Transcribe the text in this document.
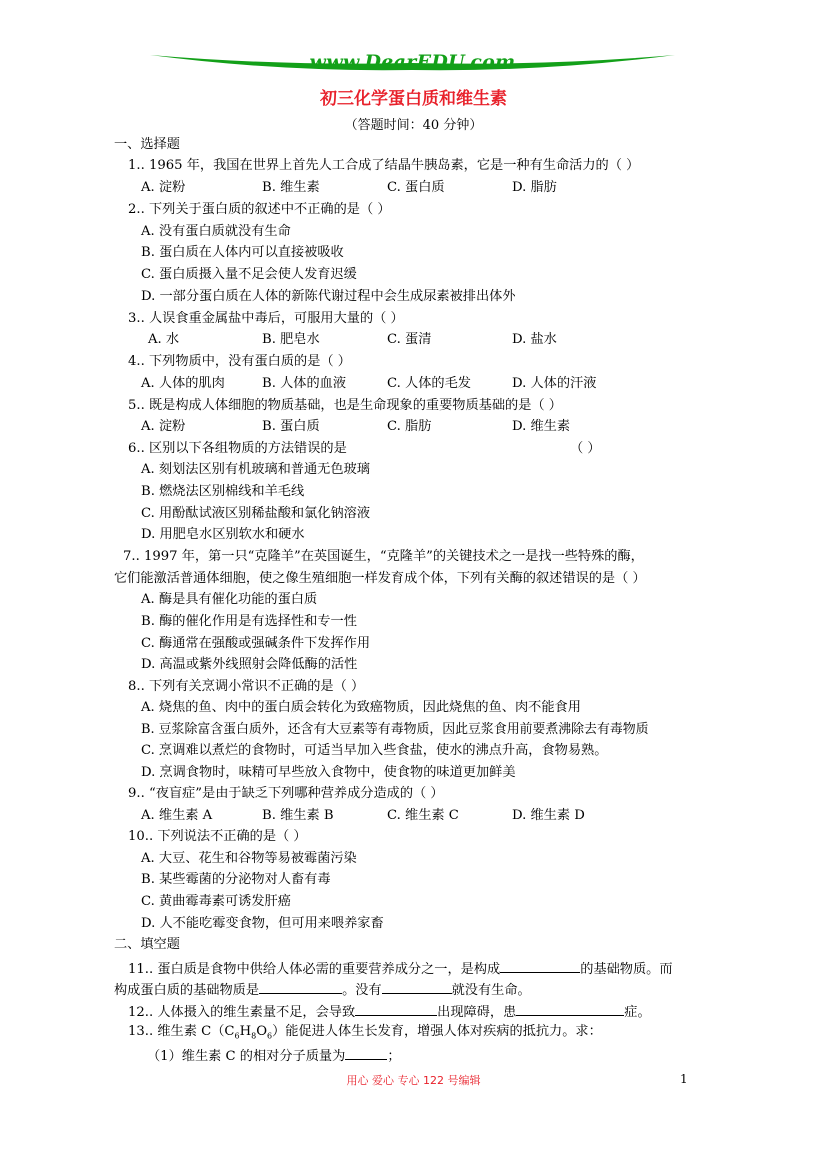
www.DearEDU.com
初三化学蛋白质和维生素
（答题时间：40 分钟）
一、选择题
1.. 1965 年，我国在世界上首先人工合成了结晶牛胰岛素，它是一种有生命活力的（ ）
A. 淀粉	B. 维生素	C. 蛋白质	D. 脂肪
2.. 下列关于蛋白质的叙述中不正确的是（ ）
A. 没有蛋白质就没有生命
B. 蛋白质在人体内可以直接被吸收
C. 蛋白质摄入量不足会使人发育迟缓
D. 一部分蛋白质在人体的新陈代谢过程中会生成尿素被排出体外
3.. 人误食重金属盐中毒后，可服用大量的（ ）
A. 水	B. 肥皂水	C. 蛋清	D. 盐水
4.. 下列物质中，没有蛋白质的是（ ）
A. 人体的肌肉	B. 人体的血液	C. 人体的毛发	D. 人体的汗液
5.. 既是构成人体细胞的物质基础，也是生命现象的重要物质基础的是（ ）
A. 淀粉	B. 蛋白质	C. 脂肪	D. 维生素
6.. 区别以下各组物质的方法错误的是	（ ）
A. 刻划法区别有机玻璃和普通无色玻璃
B. 燃烧法区别棉线和羊毛线
C. 用酚酞试液区别稀盐酸和氯化钠溶液
D. 用肥皂水区别软水和硬水
7.. 1997 年，第一只“克隆羊”在英国诞生，“克隆羊”的关键技术之一是找一些特殊的酶，
它们能激活普通体细胞，使之像生殖细胞一样发育成个体，下列有关酶的叙述错误的是（ ）
A. 酶是具有催化功能的蛋白质
B. 酶的催化作用是有选择性和专一性
C. 酶通常在强酸或强碱条件下发挥作用
D. 高温或紫外线照射会降低酶的活性
8.. 下列有关烹调小常识不正确的是（ ）
A. 烧焦的鱼、肉中的蛋白质会转化为致癌物质，因此烧焦的鱼、肉不能食用
B. 豆浆除富含蛋白质外，还含有大豆素等有毒物质，因此豆浆食用前要煮沸除去有毒物质
C. 烹调难以煮烂的食物时，可适当早加入些食盐，使水的沸点升高，食物易熟。
D. 烹调食物时，味精可早些放入食物中，使食物的味道更加鲜美
9.. “夜盲症”是由于缺乏下列哪种营养成分造成的（ ）
A. 维生素 A	B. 维生素 B	C. 维生素 C	D. 维生素 D
10.. 下列说法不正确的是（ ）
A. 大豆、花生和谷物等易被霉菌污染
B. 某些霉菌的分泌物对人畜有毒
C. 黄曲霉毒素可诱发肝癌
D. 人不能吃霉变食物，但可用来喂养家畜
二、填空题
11.. 蛋白质是食物中供给人体必需的重要营养成分之一，是构成	的基础物质。而
构成蛋白质的基础物质是	。没有	就没有生命。
12.. 人体摄入的维生素量不足，会导致	出现障碍，患	症。
13.. 维生素 $C(C_6H_8O_6)$能促进人体生长发育，增强人体对疾病的抵抗力。求：
（1）维生素 C 的相对分子质量为	；
用心 爱心 专心 122 号编辑	1
